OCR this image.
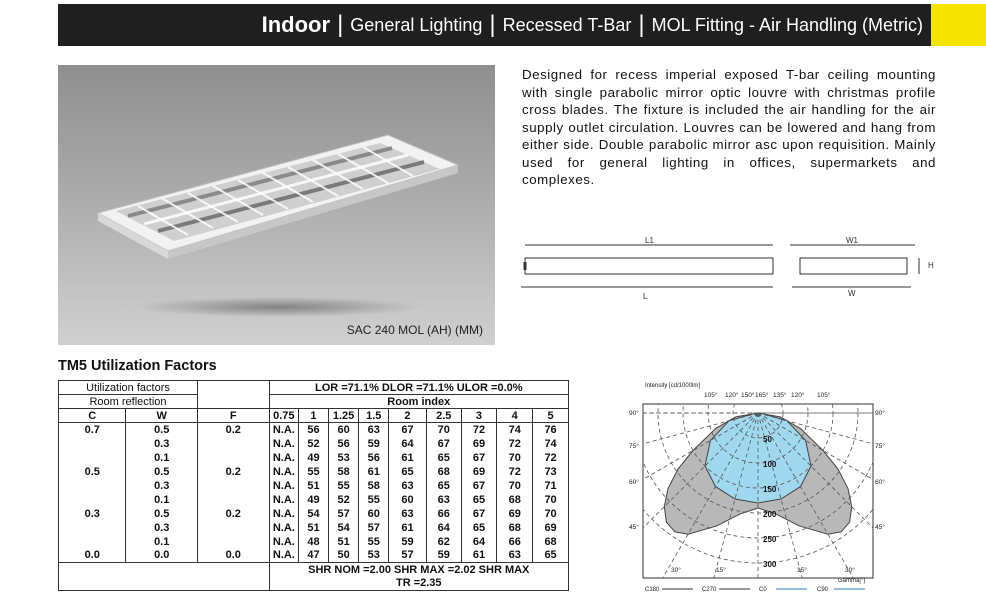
Indoor | General Lighting | Recessed T-Bar | MOL Fitting - Air Handling (Metric)
SAC 240 MOL (AH) (MM)
Designed for recess imperial exposed T-bar ceiling mounting with single parabolic mirror optic louvre with christmas profile cross blades. The fixture is included the air handling for the air supply outlet circulation. Louvres can be lowered and hang from either side. Double parabolic mirror asc upon requisition. Mainly used for general lighting in offices, supermarkets and complexes.
L1
L
W1
W
H
TM5 Utilization Factors
Utilization factors			LOR =71.1% DLOR =71.1% ULOR =0.0%								
Room reflection			Room index								
C	W	F	0.75	1	1.25	1.5	2	2.5	3	4	5
0.7	0.5	0.2	N.A.	56	60	63	67	70	72	74	76
	0.3		N.A.	52	56	59	64	67	69	72	74
	0.1		N.A.	49	53	56	61	65	67	70	72
0.5	0.5	0.2	N.A.	55	58	61	65	68	69	72	73
	0.3		N.A.	51	55	58	63	65	67	70	71
	0.1		N.A.	49	52	55	60	63	65	68	70
0.3	0.5	0.2	N.A.	54	57	60	63	66	67	69	70
	0.3		N.A.	51	54	57	61	64	65	68	69
	0.1		N.A.	48	51	55	59	62	64	66	68
0.0	0.0	0.0	N.A.	47	50	53	57	59	61	63	65
			SHR NOM =2.00 SHR MAX =2.02 SHR MAX								
			TR =2.35								
50
100
150
200
250
300
Intensity [cd/1000lm]
105° 120° 150° 165° 135° 120° 105°
90°
75°
60°
45°
90°
75°
60°
45°
30°	15°	15°	30°
Gamma[°]
C180	C270	C0	C90
